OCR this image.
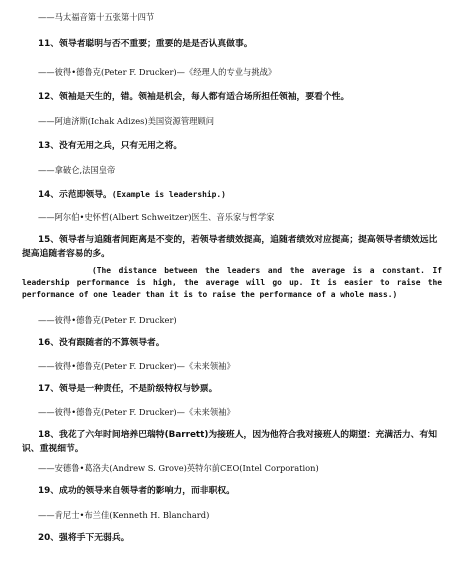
——马太福音第十五张第十四节
11、领导者聪明与否不重要；重要的是是否认真做事。
——彼得•德鲁克(Peter F. Drucker)—《经理人的专业与挑战》
12、领袖是天生的，错。领袖是机会，每人都有适合场所担任领袖，要看个性。
——阿迪济斯(Ichak Adizes)美国资源管理顾问
13、没有无用之兵，只有无用之将。
——拿破仑,法国皇帝
14、示范即领导。(Example is leadership.)
——阿尔伯•史怀哲(Albert Schweitzer)医生、音乐家与哲学家
15、领导者与追随者间距离是不变的，若领导者绩效提高，追随者绩效对应提高；提高领导者绩效远比提高追随者容易的多。
(The distance between the leaders and the average is a constant. If leadership performance is high, the average will go up. It is easier to raise the performance of one leader than it is to raise the performance of a whole mass.)
——彼得•德鲁克(Peter F. Drucker)
16、没有跟随者的不算领导者。
——彼得•德鲁克(Peter F. Drucker)—《未来领袖》
17、领导是一种责任，不是阶级特权与钞票。
——彼得•德鲁克(Peter F. Drucker)—《未来领袖》
18、我花了六年时间培养巴瑞特(Barrett)为接班人，因为他符合我对接班人的期望：充满活力、有知识、重视细节。
——安德鲁•葛洛夫(Andrew S. Grove)英特尔前CEO(Intel Corporation)
19、成功的领导来自领导者的影响力，而非职权。
——肯尼士•布兰佳(Kenneth H. Blanchard)
20、强将手下无弱兵。
